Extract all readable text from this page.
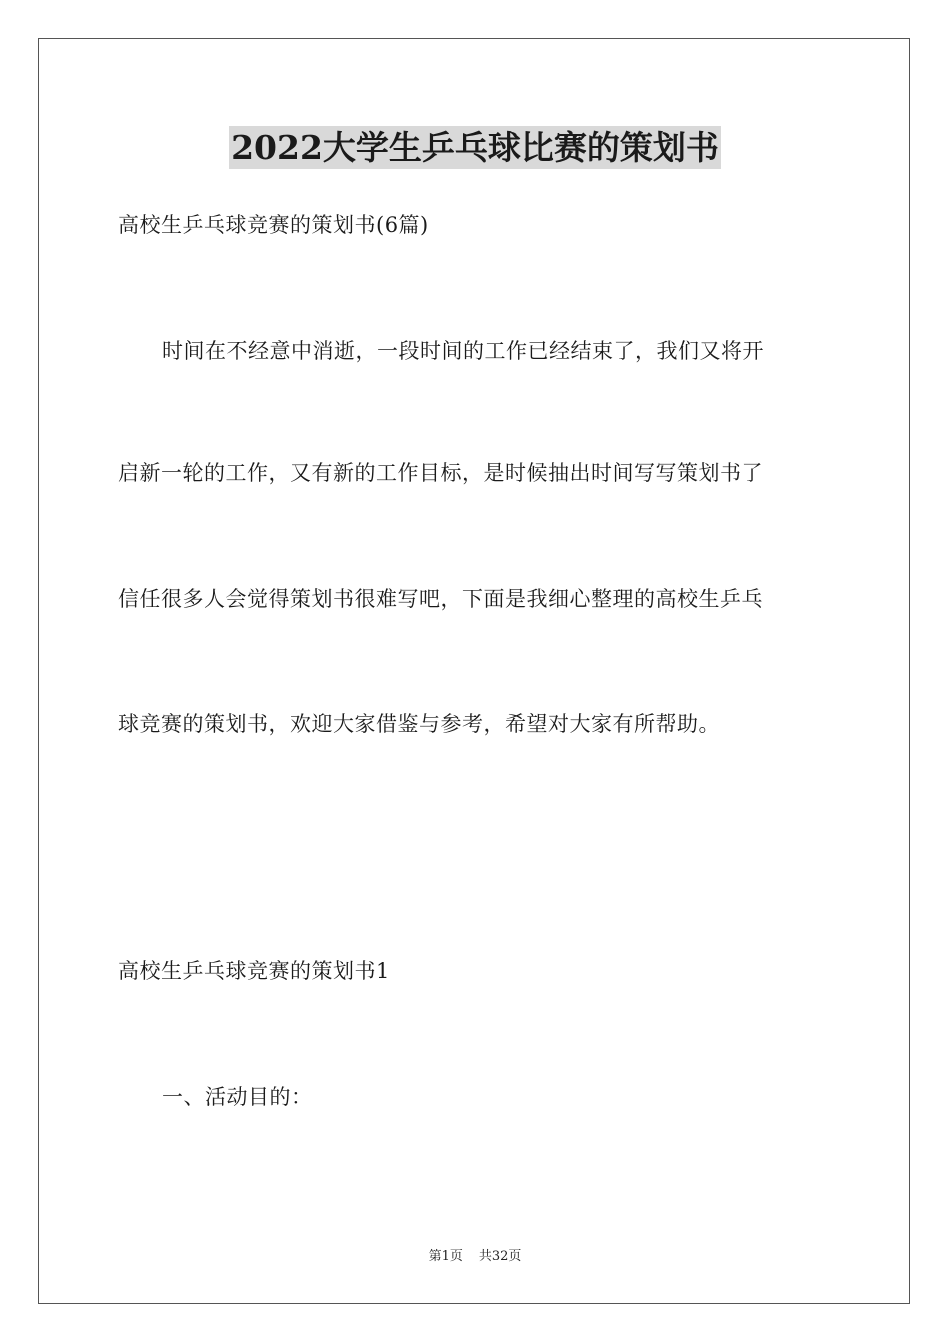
2022大学生乒乓球比赛的策划书
高校生乒乓球竞赛的策划书(6篇)
时间在不经意中消逝，一段时间的工作已经结束了，我们又将开
启新一轮的工作，又有新的工作目标，是时候抽出时间写写策划书了
信任很多人会觉得策划书很难写吧，下面是我细心整理的高校生乒乓
球竞赛的策划书，欢迎大家借鉴与参考，希望对大家有所帮助。
高校生乒乓球竞赛的策划书1
一、活动目的：
第1页 共32页
